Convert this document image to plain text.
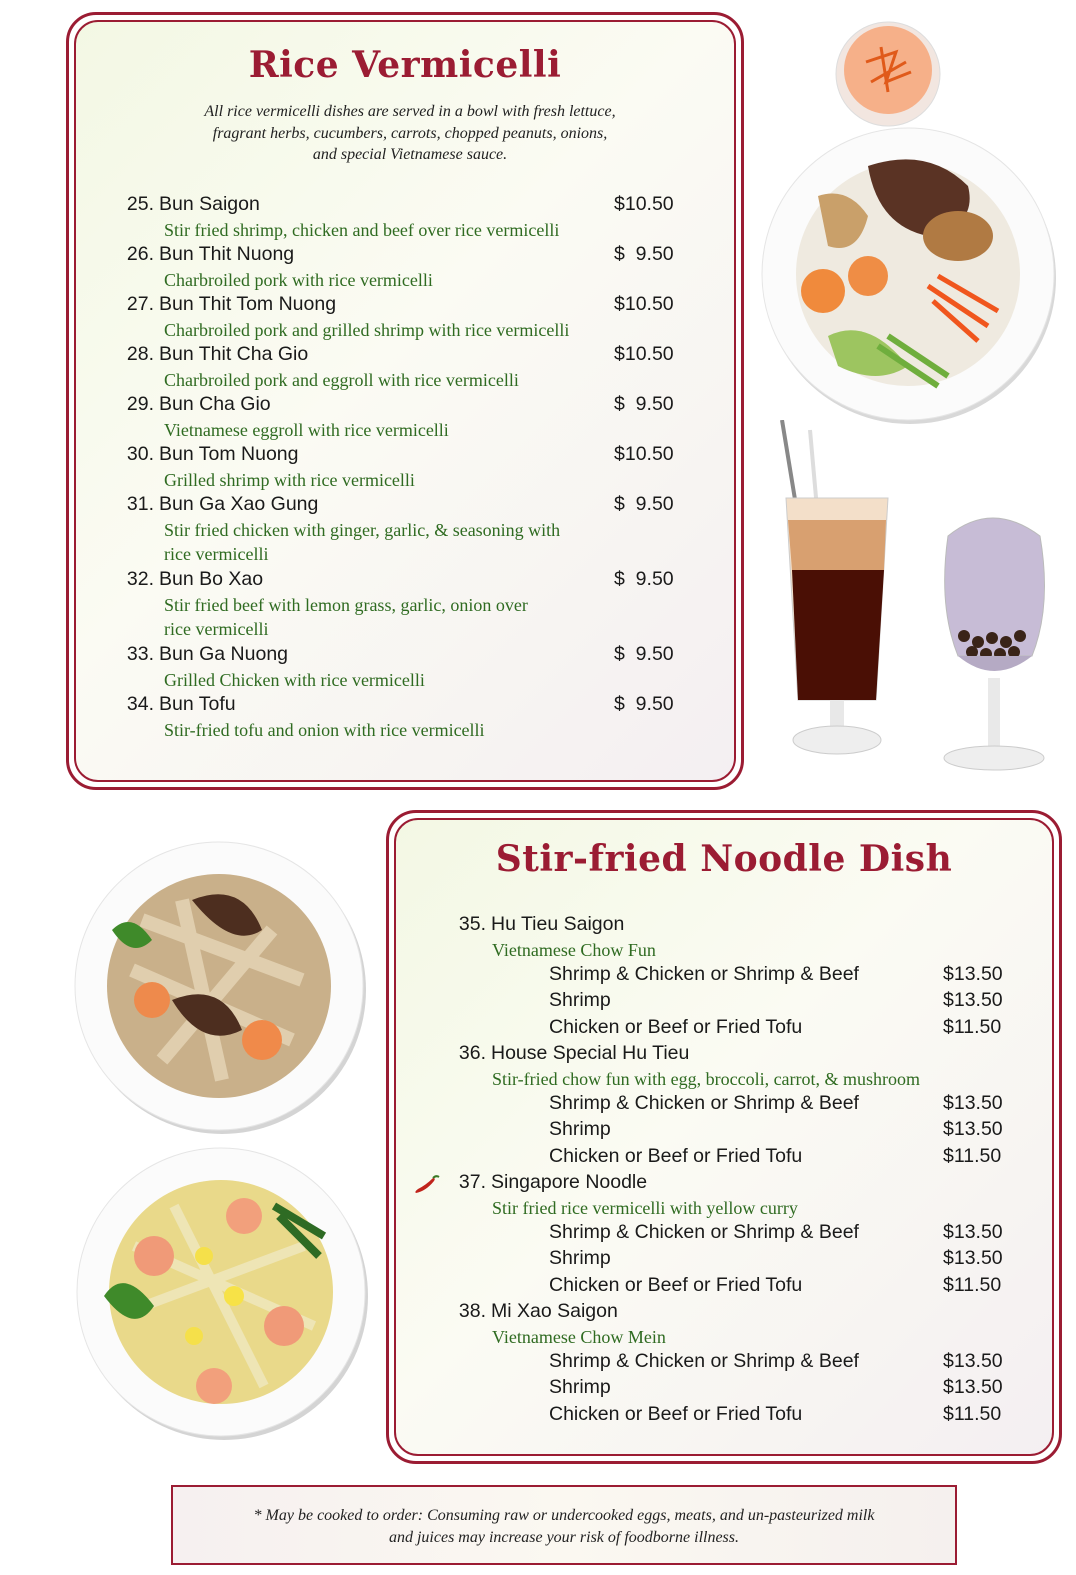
Rice Vermicelli
All rice vermicelli dishes are served in a bowl with fresh lettuce,
fragrant herbs, cucumbers, carrots, chopped peanuts, onions,
and special Vietnamese sauce.
25. Bun Saigon	$10.50
Stir fried shrimp, chicken and beef over rice vermicelli
26. Bun Thit Nuong	$  9.50
Charbroiled pork with rice vermicelli
27. Bun Thit Tom Nuong	$10.50
Charbroiled pork and grilled shrimp with rice vermicelli
28. Bun Thit Cha Gio	$10.50
Charbroiled pork and eggroll with rice vermicelli
29. Bun Cha Gio	$  9.50
Vietnamese eggroll with rice vermicelli
30. Bun Tom Nuong	$10.50
Grilled shrimp with rice vermicelli
31. Bun Ga Xao Gung	$  9.50
Stir fried chicken with ginger, garlic, & seasoning with
rice vermicelli
32. Bun Bo Xao	$  9.50
Stir fried beef with lemon grass, garlic, onion over
rice vermicelli
33. Bun Ga Nuong	$  9.50
Grilled Chicken with rice vermicelli
34. Bun Tofu	$  9.50
Stir-fried tofu and onion with rice vermicelli
Stir-fried Noodle Dish
35. Hu Tieu Saigon
Vietnamese Chow Fun
Shrimp & Chicken or Shrimp & Beef	$13.50
Shrimp	$13.50
Chicken or Beef or Fried Tofu	$11.50
36. House Special Hu Tieu
Stir-fried chow fun with egg, broccoli, carrot, & mushroom
Shrimp & Chicken or Shrimp & Beef	$13.50
Shrimp	$13.50
Chicken or Beef or Fried Tofu	$11.50
37. Singapore Noodle
Stir fried rice vermicelli with yellow curry
Shrimp & Chicken or Shrimp & Beef	$13.50
Shrimp	$13.50
Chicken or Beef or Fried Tofu	$11.50
38. Mi Xao Saigon
Vietnamese Chow Mein
Shrimp & Chicken or Shrimp & Beef	$13.50
Shrimp	$13.50
Chicken or Beef or Fried Tofu	$11.50
* May be cooked to order: Consuming raw or undercooked eggs, meats, and un-pasteurized milk
and juices may increase your risk of foodborne illness.
